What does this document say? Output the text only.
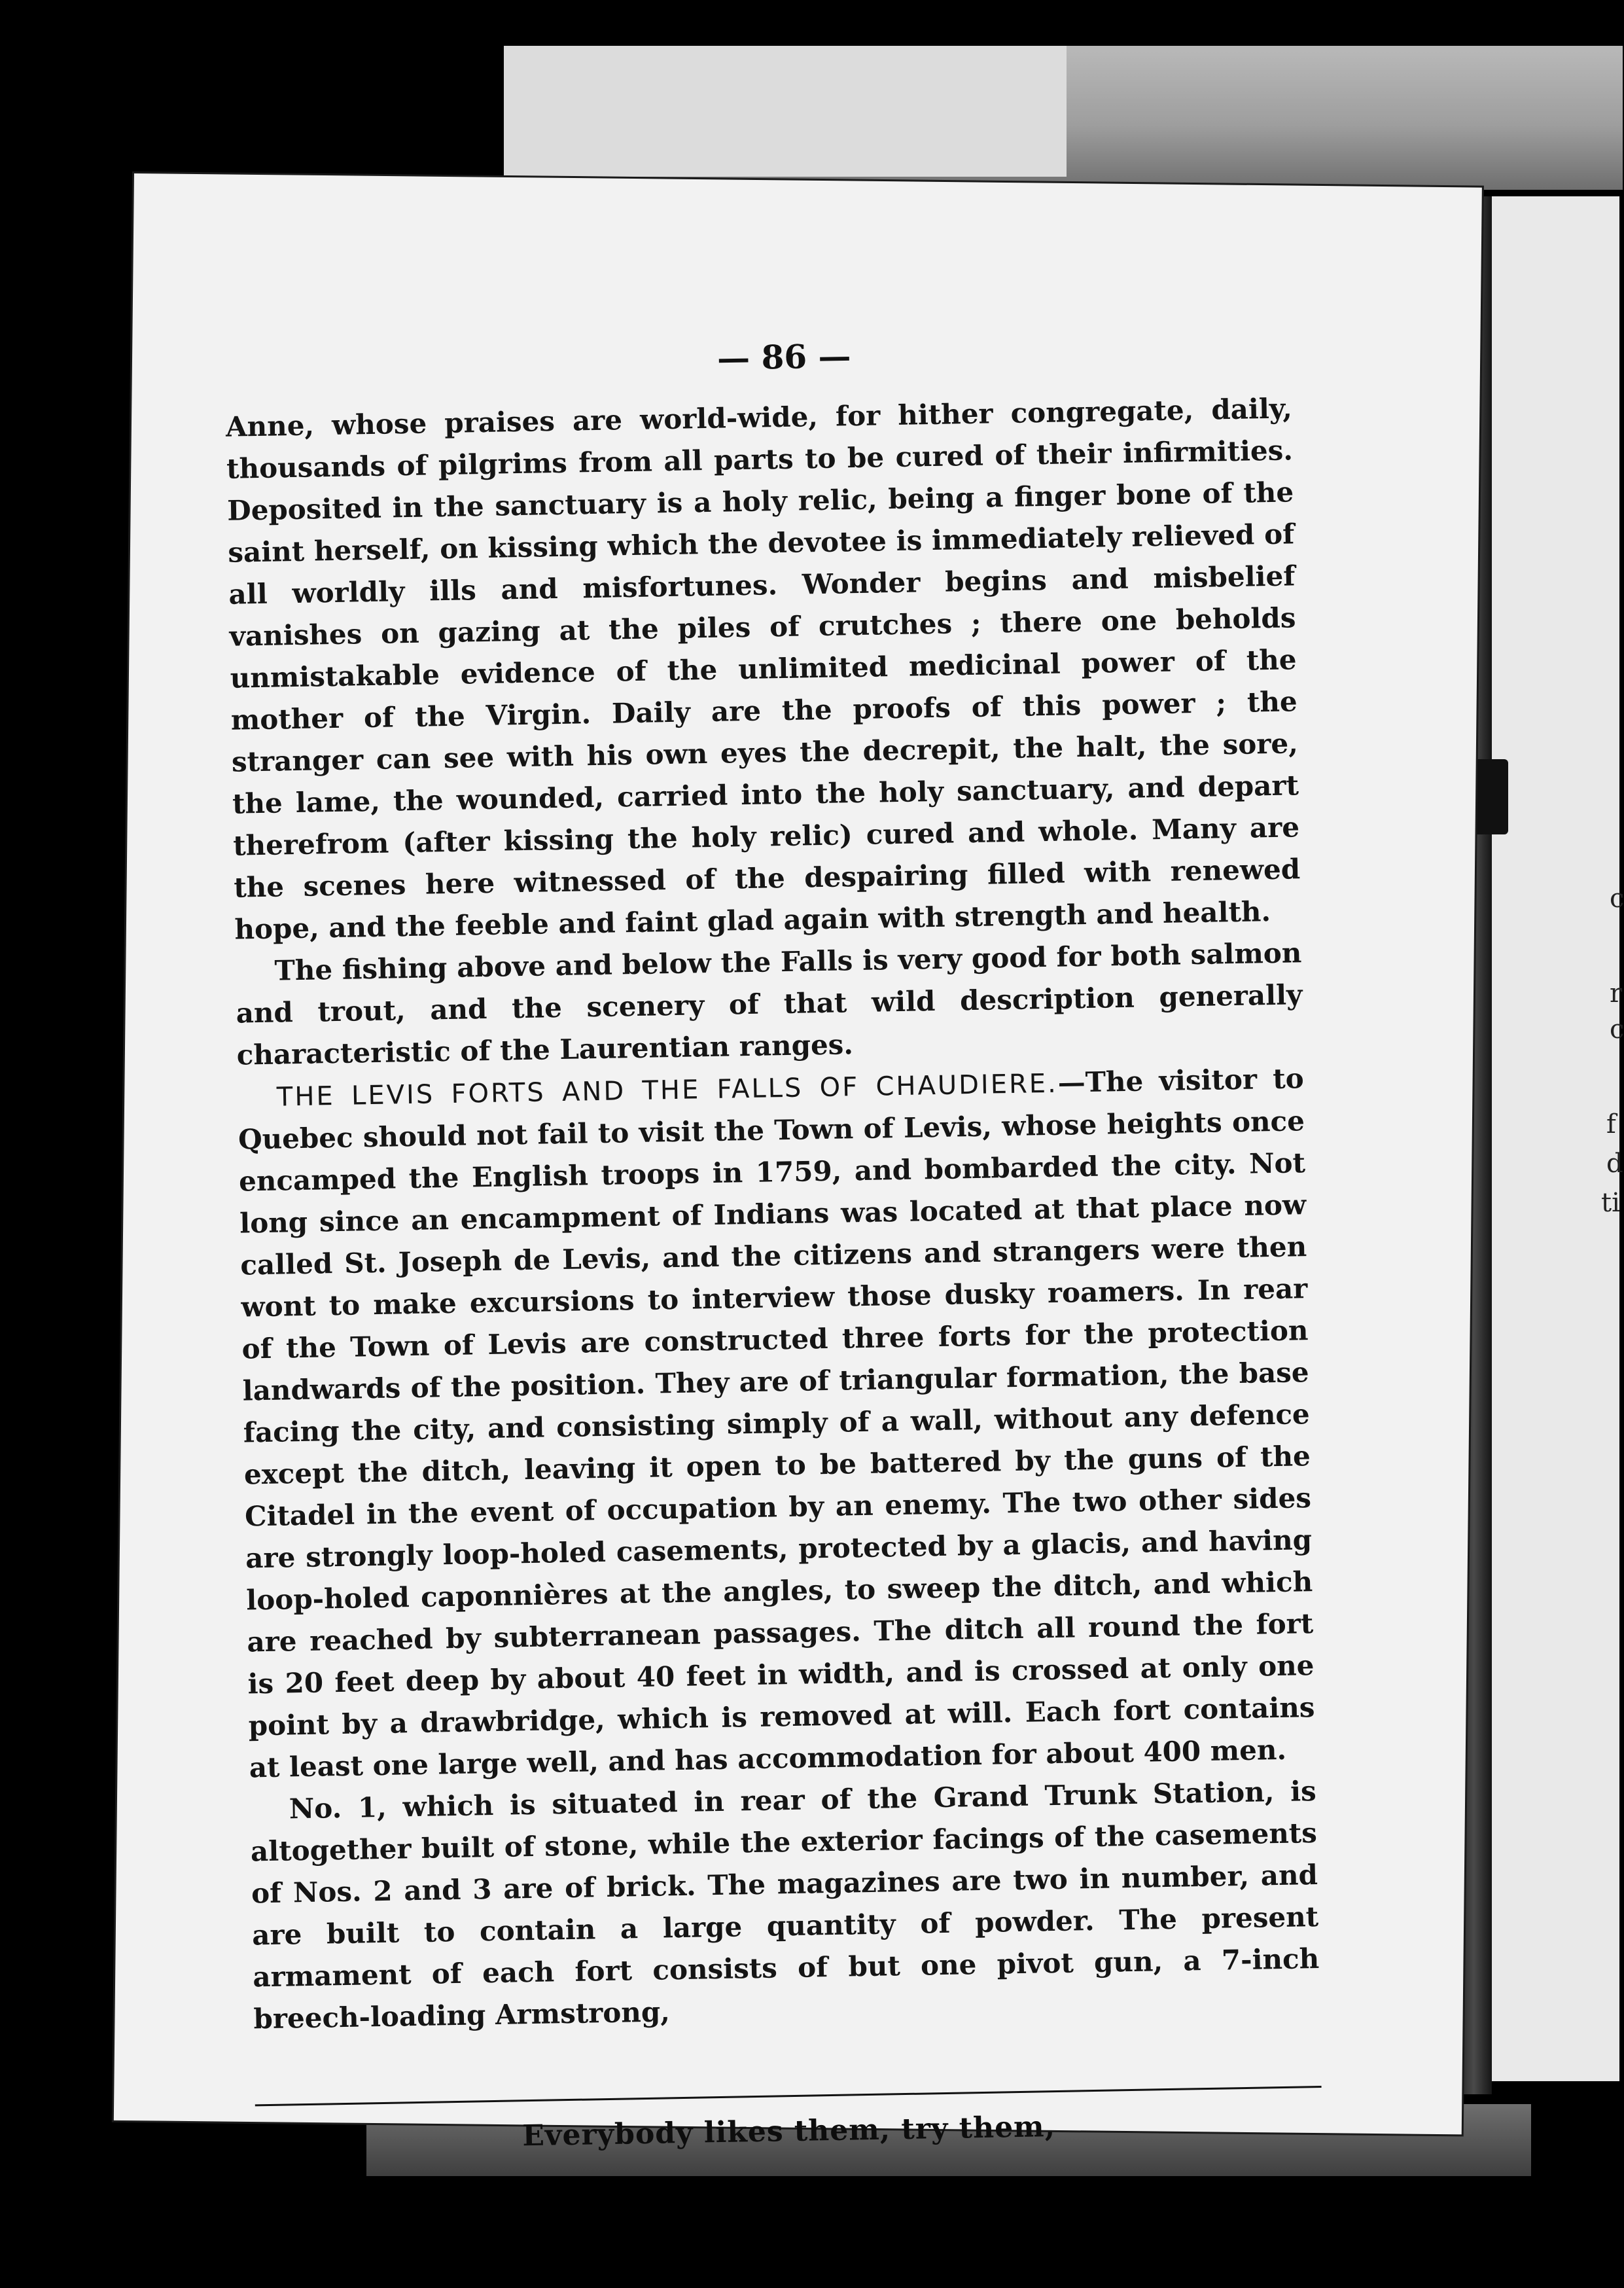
c
r
c
f
d
ti
— 86 —

Anne, whose praises are world-wide, for hither congregate, daily, thousands of pilgrims from all parts to be cured of their infirmities. Deposited in the sanctuary is a holy relic, being a finger bone of the saint herself, on kissing which the devotee is immediately relieved of all worldly ills and misfortunes. Wonder begins and misbelief vanishes on gazing at the piles of crutches ; there one beholds unmistakable evidence of the unlimited medicinal power of the mother of the Virgin. Daily are the proofs of this power ; the stranger can see with his own eyes the decrepit, the halt, the sore, the lame, the wounded, carried into the holy sanctuary, and depart therefrom (after kissing the holy relic) cured and whole. Many are the scenes here witnessed of the despairing filled with renewed hope, and the feeble and faint glad again with strength and health.

The fishing above and below the Falls is very good for both salmon and trout, and the scenery of that wild description generally characteristic of the Laurentian ranges.

THE LEVIS FORTS AND THE FALLS OF CHAUDIERE.—The visitor to Quebec should not fail to visit the Town of Levis, whose heights once encamped the English troops in 1759, and bombarded the city. Not long since an encampment of Indians was located at that place now called St. Joseph de Levis, and the citizens and strangers were then wont to make excursions to interview those dusky roamers. In rear of the Town of Levis are constructed three forts for the protection landwards of the position. They are of triangular formation, the base facing the city, and consisting simply of a wall, without any defence except the ditch, leaving it open to be battered by the guns of the Citadel in the event of occupation by an enemy. The two other sides are strongly loop-holed casements, protected by a glacis, and having loop-holed caponnières at the angles, to sweep the ditch, and which are reached by subterranean passages. The ditch all round the fort is 20 feet deep by about 40 feet in width, and is crossed at only one point by a drawbridge, which is removed at will. Each fort contains at least one large well, and has accommodation for about 400 men.

No. 1, which is situated in rear of the Grand Trunk Station, is altogether built of stone, while the exterior facings of the casements of Nos. 2 and 3 are of brick. The magazines are two in number, and are built to contain a large quantity of powder. The present armament of each fort consists of but one pivot gun, a 7-inch breech-loading Armstrong,

Everybody likes them, try them,
